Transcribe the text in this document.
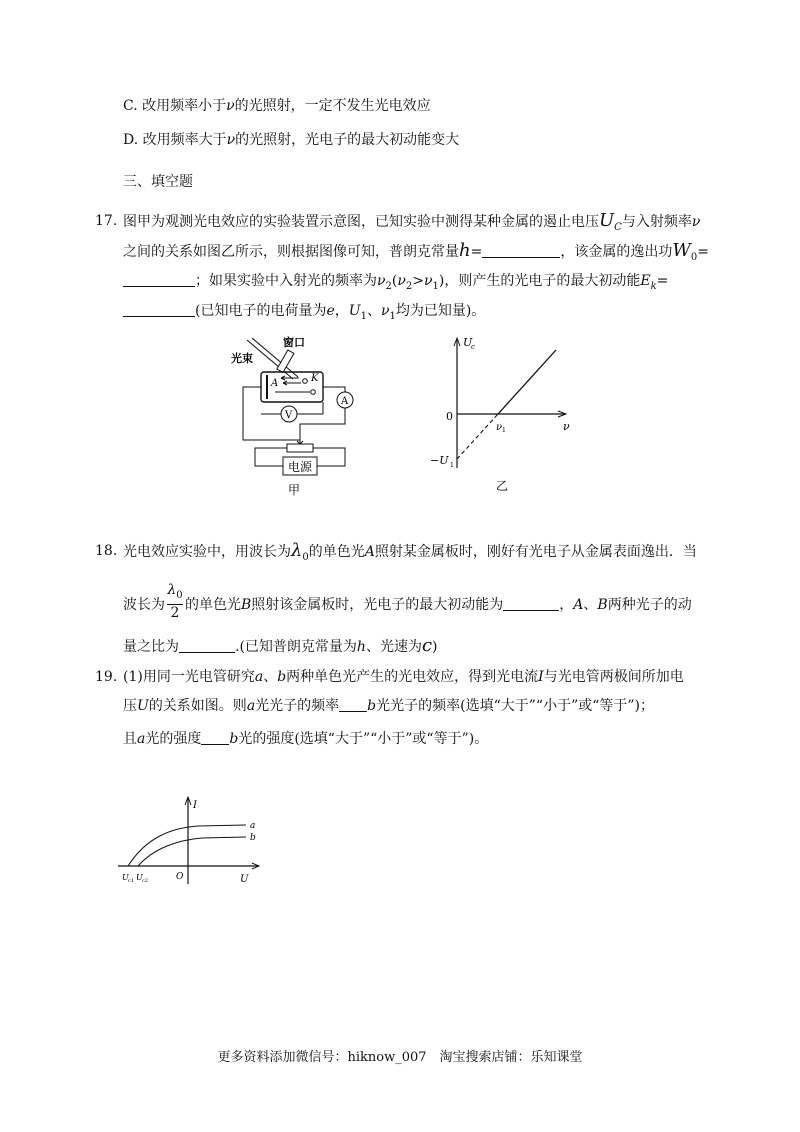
C. 改用频率小于ν的光照射，一定不发生光电效应
D. 改用频率大于ν的光照射，光电子的最大初动能变大
三、填空题
17. 图甲为观测光电效应的实验装置示意图，已知实验中测得某种金属的遏止电压$U_C$与入射频率ν
之间的关系如图乙所示，则根据图像可知，普朗克常量h=	，该金属的逸出功$W_0=$
；如果实验中入射光的频率为$\nu_2(\nu_2>\nu_1)$，则产生的光电子的最大初动能$E_k=$
(已知电子的电荷量为e，$U_1$、$\nu_1$均为已知量)。
窗口
光束
A	K
A
V
电源
甲
U
c
ν
0
ν 1
−U 1
乙
18. 光电效应实验中，用波长为$\lambda_0$的单色光A照射某金属板时，刚好有光电子从金属表面逸出．当
$\frac{\lambda_0}{2}$
波长为 的单色光B照射该金属板时，光电子的最大初动能为	，A、B两种光子的动
量之比为	.(已知普朗克常量为h、光速为c)
19. (1)用同一光电管研究a、b两种单色光产生的光电效应，得到光电流I与光电管两极间所加电
压U的关系如图。则a光光子的频率 b光光子的频率(选填“大于”“小于”或“等于”)；
且a光的强度 b光的强度(选填“大于”“小于”或“等于”)。
I
U
O
a
b
U c1 U c2
更多资料添加微信号：hiknow_007　淘宝搜索店铺：乐知课堂
